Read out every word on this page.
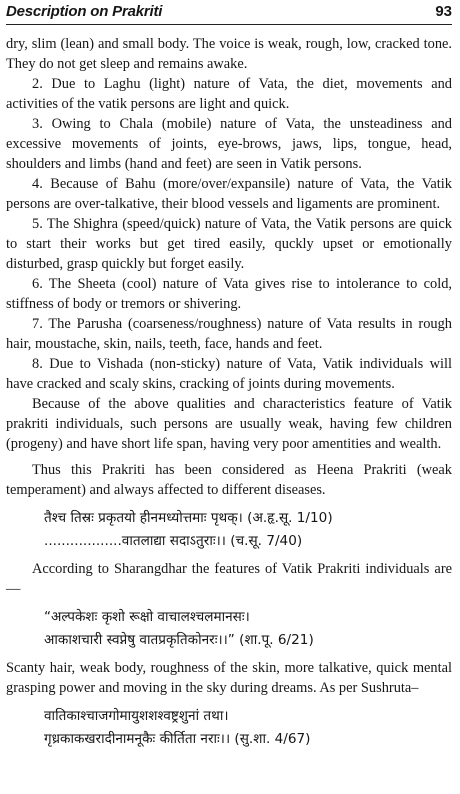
Description on Prakriti	93

dry, slim (lean) and small body. The voice is weak, rough, low, cracked tone. They do not get sleep and remains awake.

2. Due to Laghu (light) nature of Vata, the diet, movements and activities of the vatik persons are light and quick.

3. Owing to Chala (mobile) nature of Vata, the unsteadiness and excessive movements of joints, eye-brows, jaws, lips, tongue, head, shoulders and limbs (hand and feet) are seen in Vatik persons.

4. Because of Bahu (more/over/expansile) nature of Vata, the Vatik persons are over-talkative, their blood vessels and ligaments are prominent.

5. The Shighra (speed/quick) nature of Vata, the Vatik persons are quick to start their works but get tired easily, quckly upset or emotionally disturbed, grasp quickly but forget easily.

6. The Sheeta (cool) nature of Vata gives rise to intolerance to cold, stiffness of body or tremors or shivering.

7. The Parusha (coarseness/roughness) nature of Vata results in rough hair, moustache, skin, nails, teeth, face, hands and feet.

8. Due to Vishada (non-sticky) nature of Vata, Vatik individuals will have cracked and scaly skins, cracking of joints during movements.

Because of the above qualities and characteristics feature of Vatik prakriti individuals, such persons are usually weak, having few children (progeny) and have short life span, having very poor amentities and wealth.

Thus this Prakriti has been considered as Heena Prakriti (weak temperament) and always affected to different diseases.

तैश्च तिस्रः प्रकृतयो हीनमध्योत्तमाः पृथक्। (अ.हृ.सू. 1/10)
..................वातलाद्या सदाऽतुराः।। (च.सू. 7/40)

According to Sharangdhar the features of Vatik Prakriti individuals are—

“अल्पकेशः कृशो रूक्षो वाचालश्चलमानसः।
आकाशचारी स्वप्नेषु वातप्रकृतिकोनरः।।” (शा.पू. 6/21)

Scanty hair, weak body, roughness of the skin, more talkative, quick mental grasping power and moving in the sky during dreams. As per Sushruta–

वातिकाश्चाजगोमायुशशश्वष्ट्रशुनां तथा।
गृध्रकाकखरादीनामनूकैः कीर्तिता नराः।। (सु.शा. 4/67)
